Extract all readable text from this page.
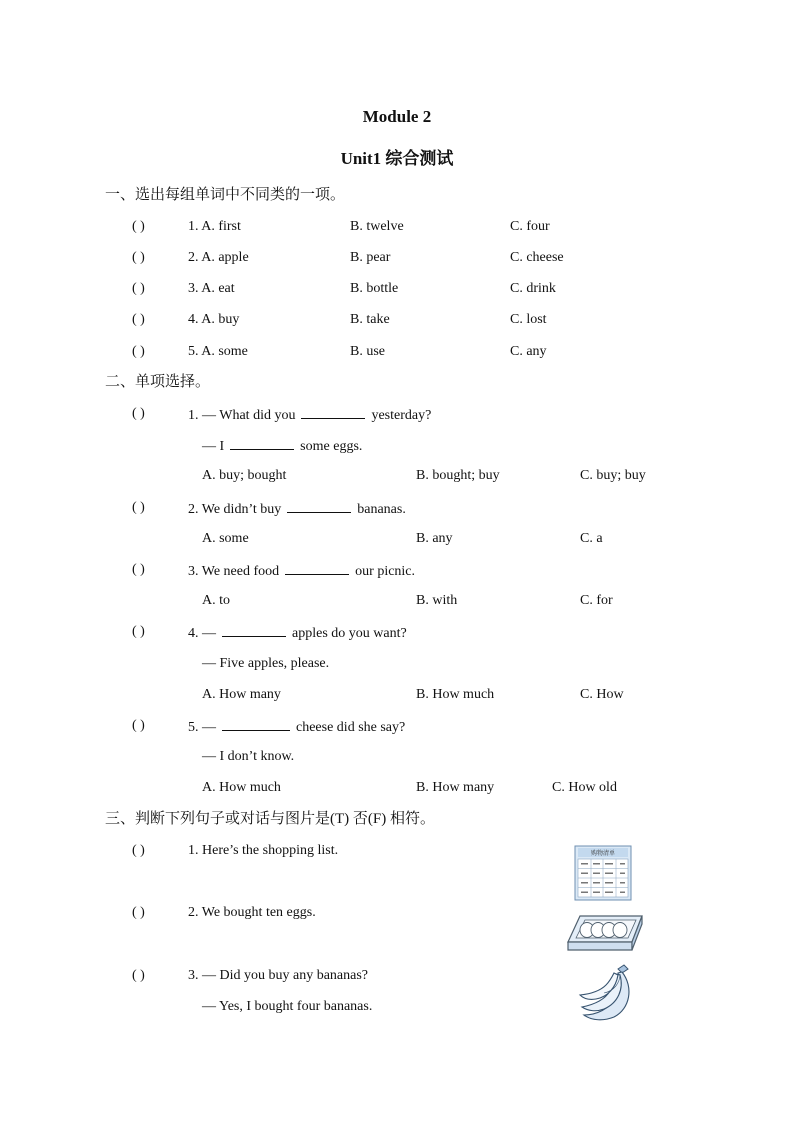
Module 2
Unit1 综合测试
一、选出每组单词中不同类的一项。
( )	1. A. first	B. twelve	C. four
( )	2. A. apple	B. pear	C. cheese
( )	3. A. eat	B. bottle	C. drink
( )	4. A. buy	B. take	C. lost
( )	5. A. some	B. use	C. any
二、单项选择。
( )	1. — What did you	yesterday?
— I	some eggs.
A. buy; bought	B. bought; buy	C. buy; buy
( )	2. We didn’t buy	bananas.
A. some	B. any	C. a
( )	3. We need food	our picnic.
A. to	B. with	C. for
( )	4. —	apples do you want?
— Five apples, please.
A. How many	B. How much	C. How
( )	5. —	cheese did she say?
— I don’t know.
A. How much	B. How many	C. How old
三、判断下列句子或对话与图片是(T) 否(F) 相符。
( )	1. Here’s the shopping list.
( )	2. We bought ten eggs.
( )	3. — Did you buy any bananas?
— Yes, I bought four bananas.
购物清单
